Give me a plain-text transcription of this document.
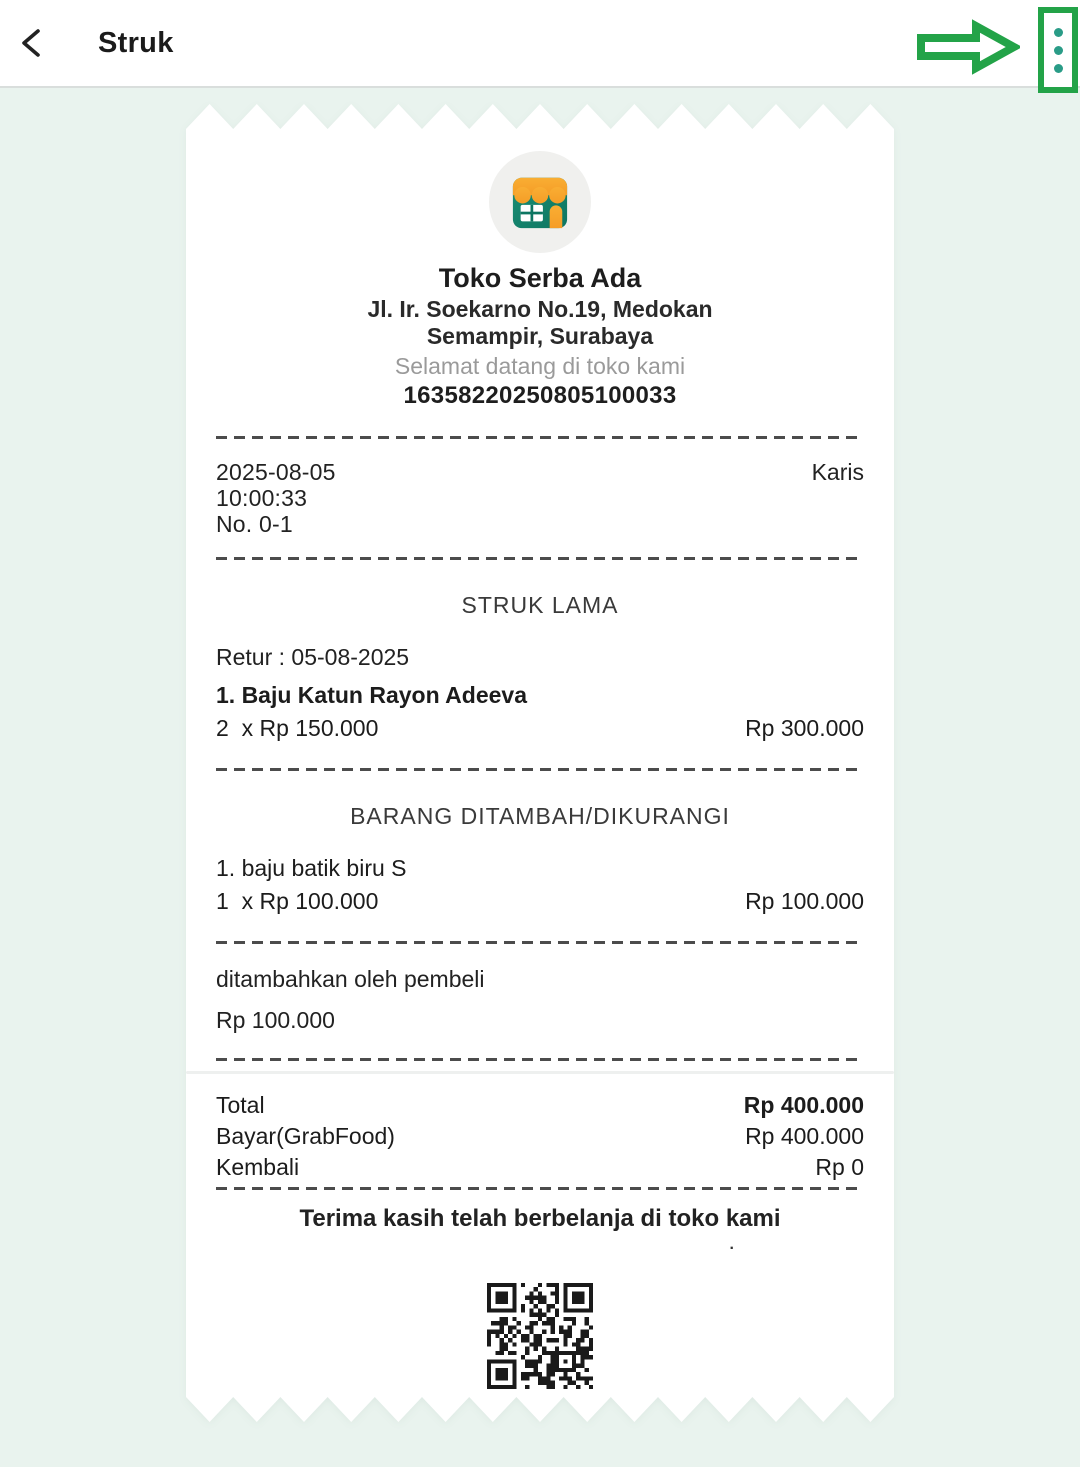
Struk
Toko Serba Ada
Jl. Ir. Soekarno No.19, Medokan Semampir, Surabaya
Selamat datang di toko kami
16358220250805100033
2025-08-05
10:00:33
No. 0-1
Karis
STRUK LAMA
Retur : 05-08-2025
1. Baju Katun Rayon Adeeva
2  x Rp 150.000	Rp 300.000
BARANG DITAMBAH/DIKURANGI
1. baju batik biru S
1  x Rp 100.000	Rp 100.000
ditambahkan oleh pembeli
Rp 100.000
Total	Rp 400.000
Bayar(GrabFood)	Rp 400.000
Kembali	Rp 0
Terima kasih telah berbelanja di toko kami
.
